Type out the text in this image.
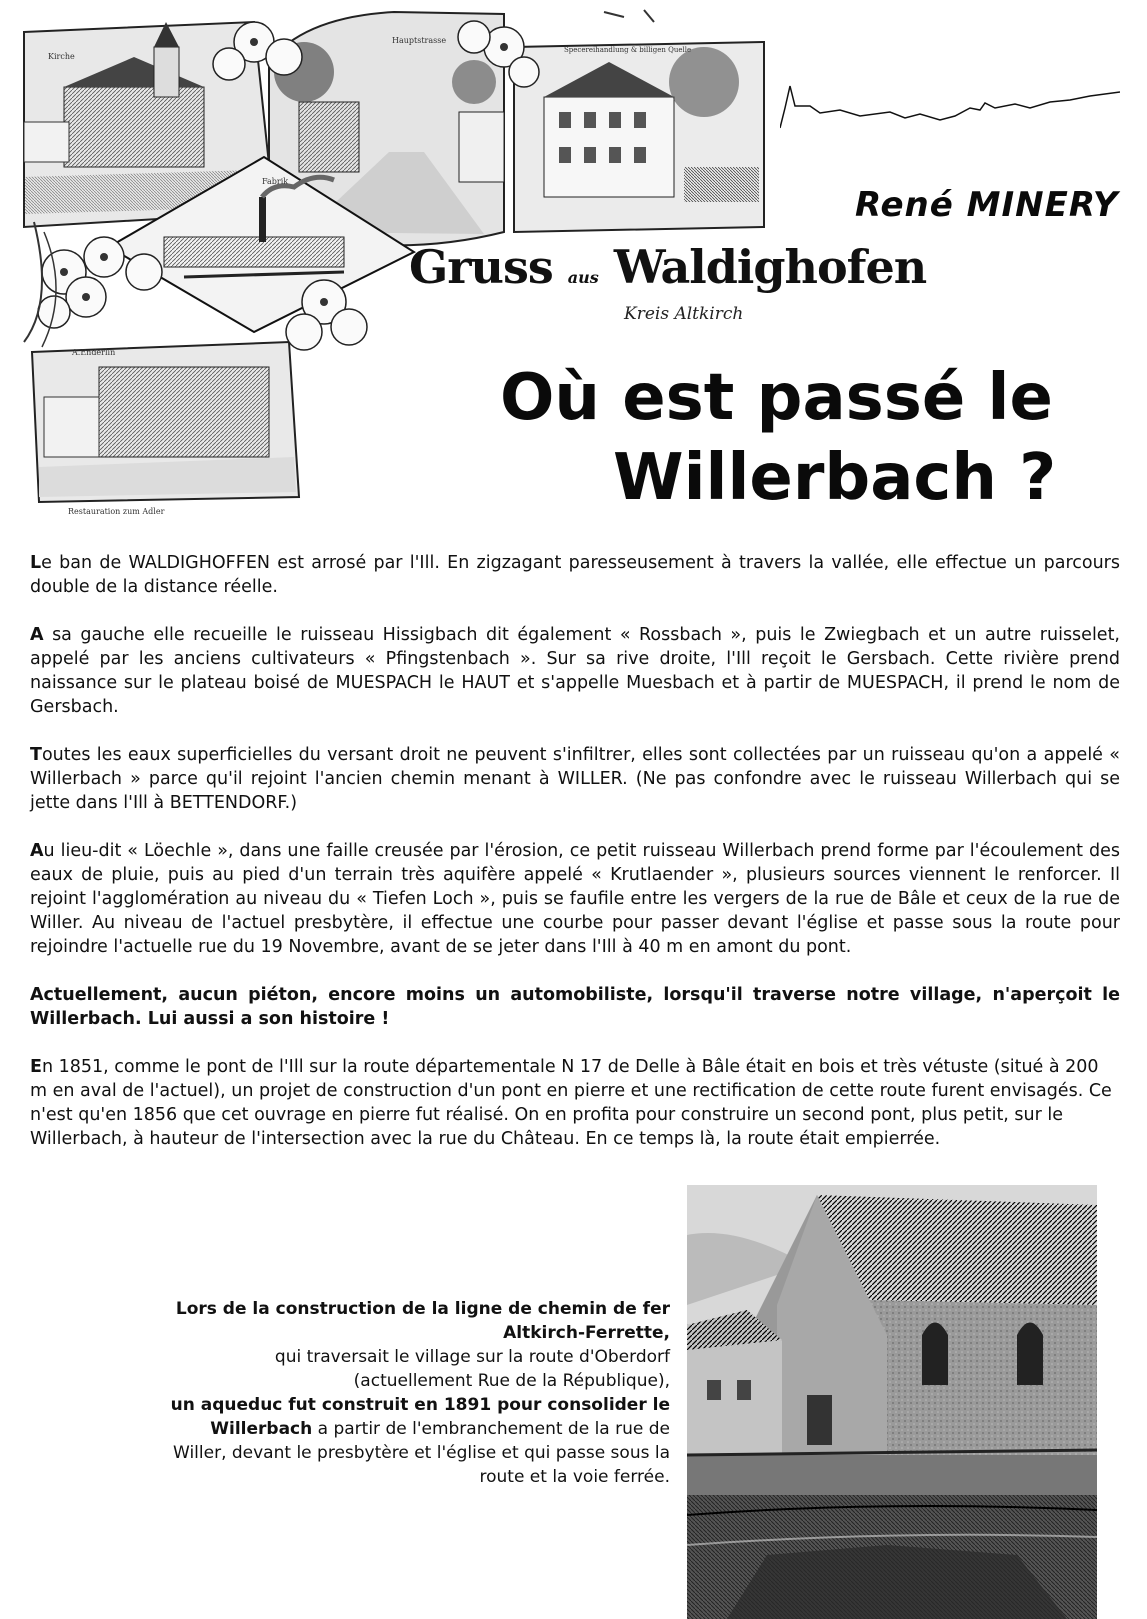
Kirche
Hauptstrasse
Specereihandlung & billigen Quelle
Fabrik
A.Enderlin
Restauration zum Adler
Gruss aus Waldighofen
Kreis Altkirch
René MINERY
Où est passé le
Willerbach ?

Le ban de WALDIGHOFFEN est arrosé par l'Ill. En zigzagant paresseusement à travers la vallée, elle effectue un parcours double de la distance réelle.

A sa gauche elle recueille le ruisseau Hissigbach dit également « Rossbach », puis le Zwiegbach et un autre ruisselet, appelé par les anciens cultivateurs « Pfingstenbach ». Sur sa rive droite, l'Ill reçoit le Gersbach. Cette rivière prend naissance sur le plateau boisé de MUESPACH le HAUT et s'appelle Muesbach et à partir de MUESPACH, il prend le nom de Gersbach.

Toutes les eaux superficielles du versant droit ne peuvent s'infiltrer, elles sont collectées par un ruisseau qu'on a appelé « Willerbach » parce qu'il rejoint l'ancien chemin menant à WILLER. (Ne pas confondre avec le ruisseau Willerbach qui se jette dans l'Ill à BETTENDORF.)

Au lieu-dit « Löechle », dans une faille creusée par l'érosion, ce petit ruisseau Willerbach prend forme par l'écoulement des eaux de pluie, puis au pied d'un terrain très aquifère appelé « Krutlaender », plusieurs sources viennent le renforcer. Il rejoint l'agglomération au niveau du « Tiefen Loch », puis se faufile entre les vergers de la rue de Bâle et ceux de la rue de Willer. Au niveau de l'actuel presbytère, il effectue une courbe pour passer devant l'église et passe sous la route pour rejoindre l'actuelle rue du 19 Novembre, avant de se jeter dans l'Ill à 40 m en amont du pont.

Actuellement, aucun piéton, encore moins un automobiliste, lorsqu'il traverse notre village, n'aperçoit le Willerbach. Lui aussi a son histoire !

En 1851, comme le pont de l'Ill sur la route départementale N 17 de Delle à Bâle était en bois et très vétuste (situé à 200 m en aval de l'actuel), un projet de construction d'un pont en pierre et une rectification de cette route furent envisagés. Ce n'est qu'en 1856 que cet ouvrage en pierre fut réalisé. On en profita pour construire un second pont, plus petit, sur le Willerbach, à hauteur de l'intersection avec la rue du Château. En ce temps là, la route était empierrée.

Lors de la construction de la ligne de chemin de fer Altkirch-Ferrette,
qui traversait le village sur la route d'Oberdorf (actuellement Rue de la République),
un aqueduc fut construit en 1891 pour consolider le Willerbach a partir de l'embranchement de la rue de Willer, devant le presbytère et l'église et qui passe sous la route et la voie ferrée.
